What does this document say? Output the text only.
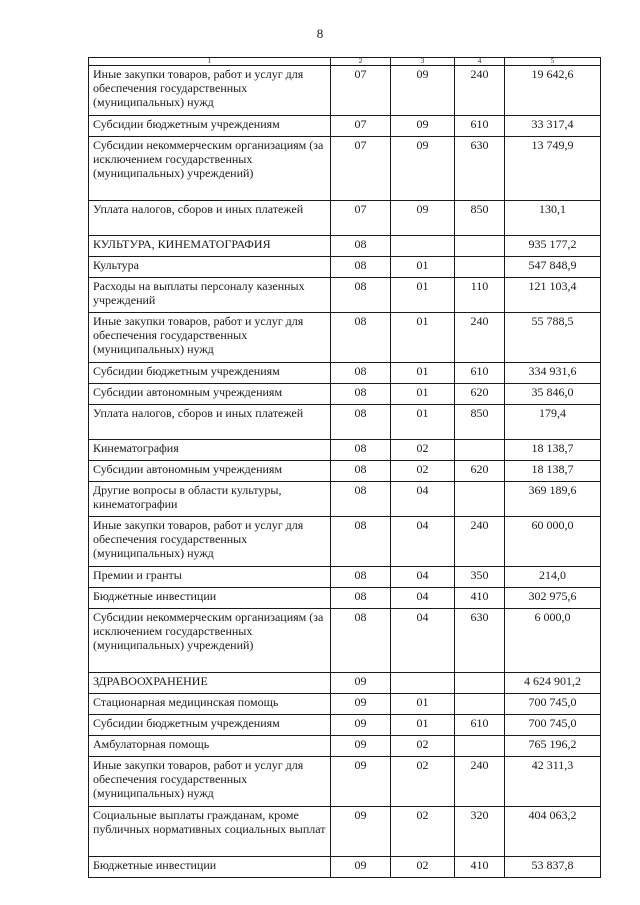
8
1	2	3	4	5
Иные закупки товаров, работ и услуг для обеспечения государственных (муниципальных) нужд	07	09	240	19 642,6
Субсидии бюджетным учреждениям	07	09	610	33 317,4
Субсидии некоммерческим организациям (за исключением государственных (муниципальных) учреждений)	07	09	630	13 749,9
Уплата налогов, сборов и иных платежей	07	09	850	130,1
КУЛЬТУРА, КИНЕМАТОГРАФИЯ	08			935 177,2
Культура	08	01		547 848,9
Расходы на выплаты персоналу казенных учреждений	08	01	110	121 103,4
Иные закупки товаров, работ и услуг для обеспечения государственных (муниципальных) нужд	08	01	240	55 788,5
Субсидии бюджетным учреждениям	08	01	610	334 931,6
Субсидии автономным учреждениям	08	01	620	35 846,0
Уплата налогов, сборов и иных платежей	08	01	850	179,4
Кинематография	08	02		18 138,7
Субсидии автономным учреждениям	08	02	620	18 138,7
Другие вопросы в области культуры, кинематографии	08	04		369 189,6
Иные закупки товаров, работ и услуг для обеспечения государственных (муниципальных) нужд	08	04	240	60 000,0
Премии и гранты	08	04	350	214,0
Бюджетные инвестиции	08	04	410	302 975,6
Субсидии некоммерческим организациям (за исключением государственных (муниципальных) учреждений)	08	04	630	6 000,0
ЗДРАВООХРАНЕНИЕ	09			4 624 901,2
Стационарная медицинская помощь	09	01		700 745,0
Субсидии бюджетным учреждениям	09	01	610	700 745,0
Амбулаторная помощь	09	02		765 196,2
Иные закупки товаров, работ и услуг для обеспечения государственных (муниципальных) нужд	09	02	240	42 311,3
Социальные выплаты гражданам, кроме публичных нормативных социальных выплат	09	02	320	404 063,2
Бюджетные инвестиции	09	02	410	53 837,8
